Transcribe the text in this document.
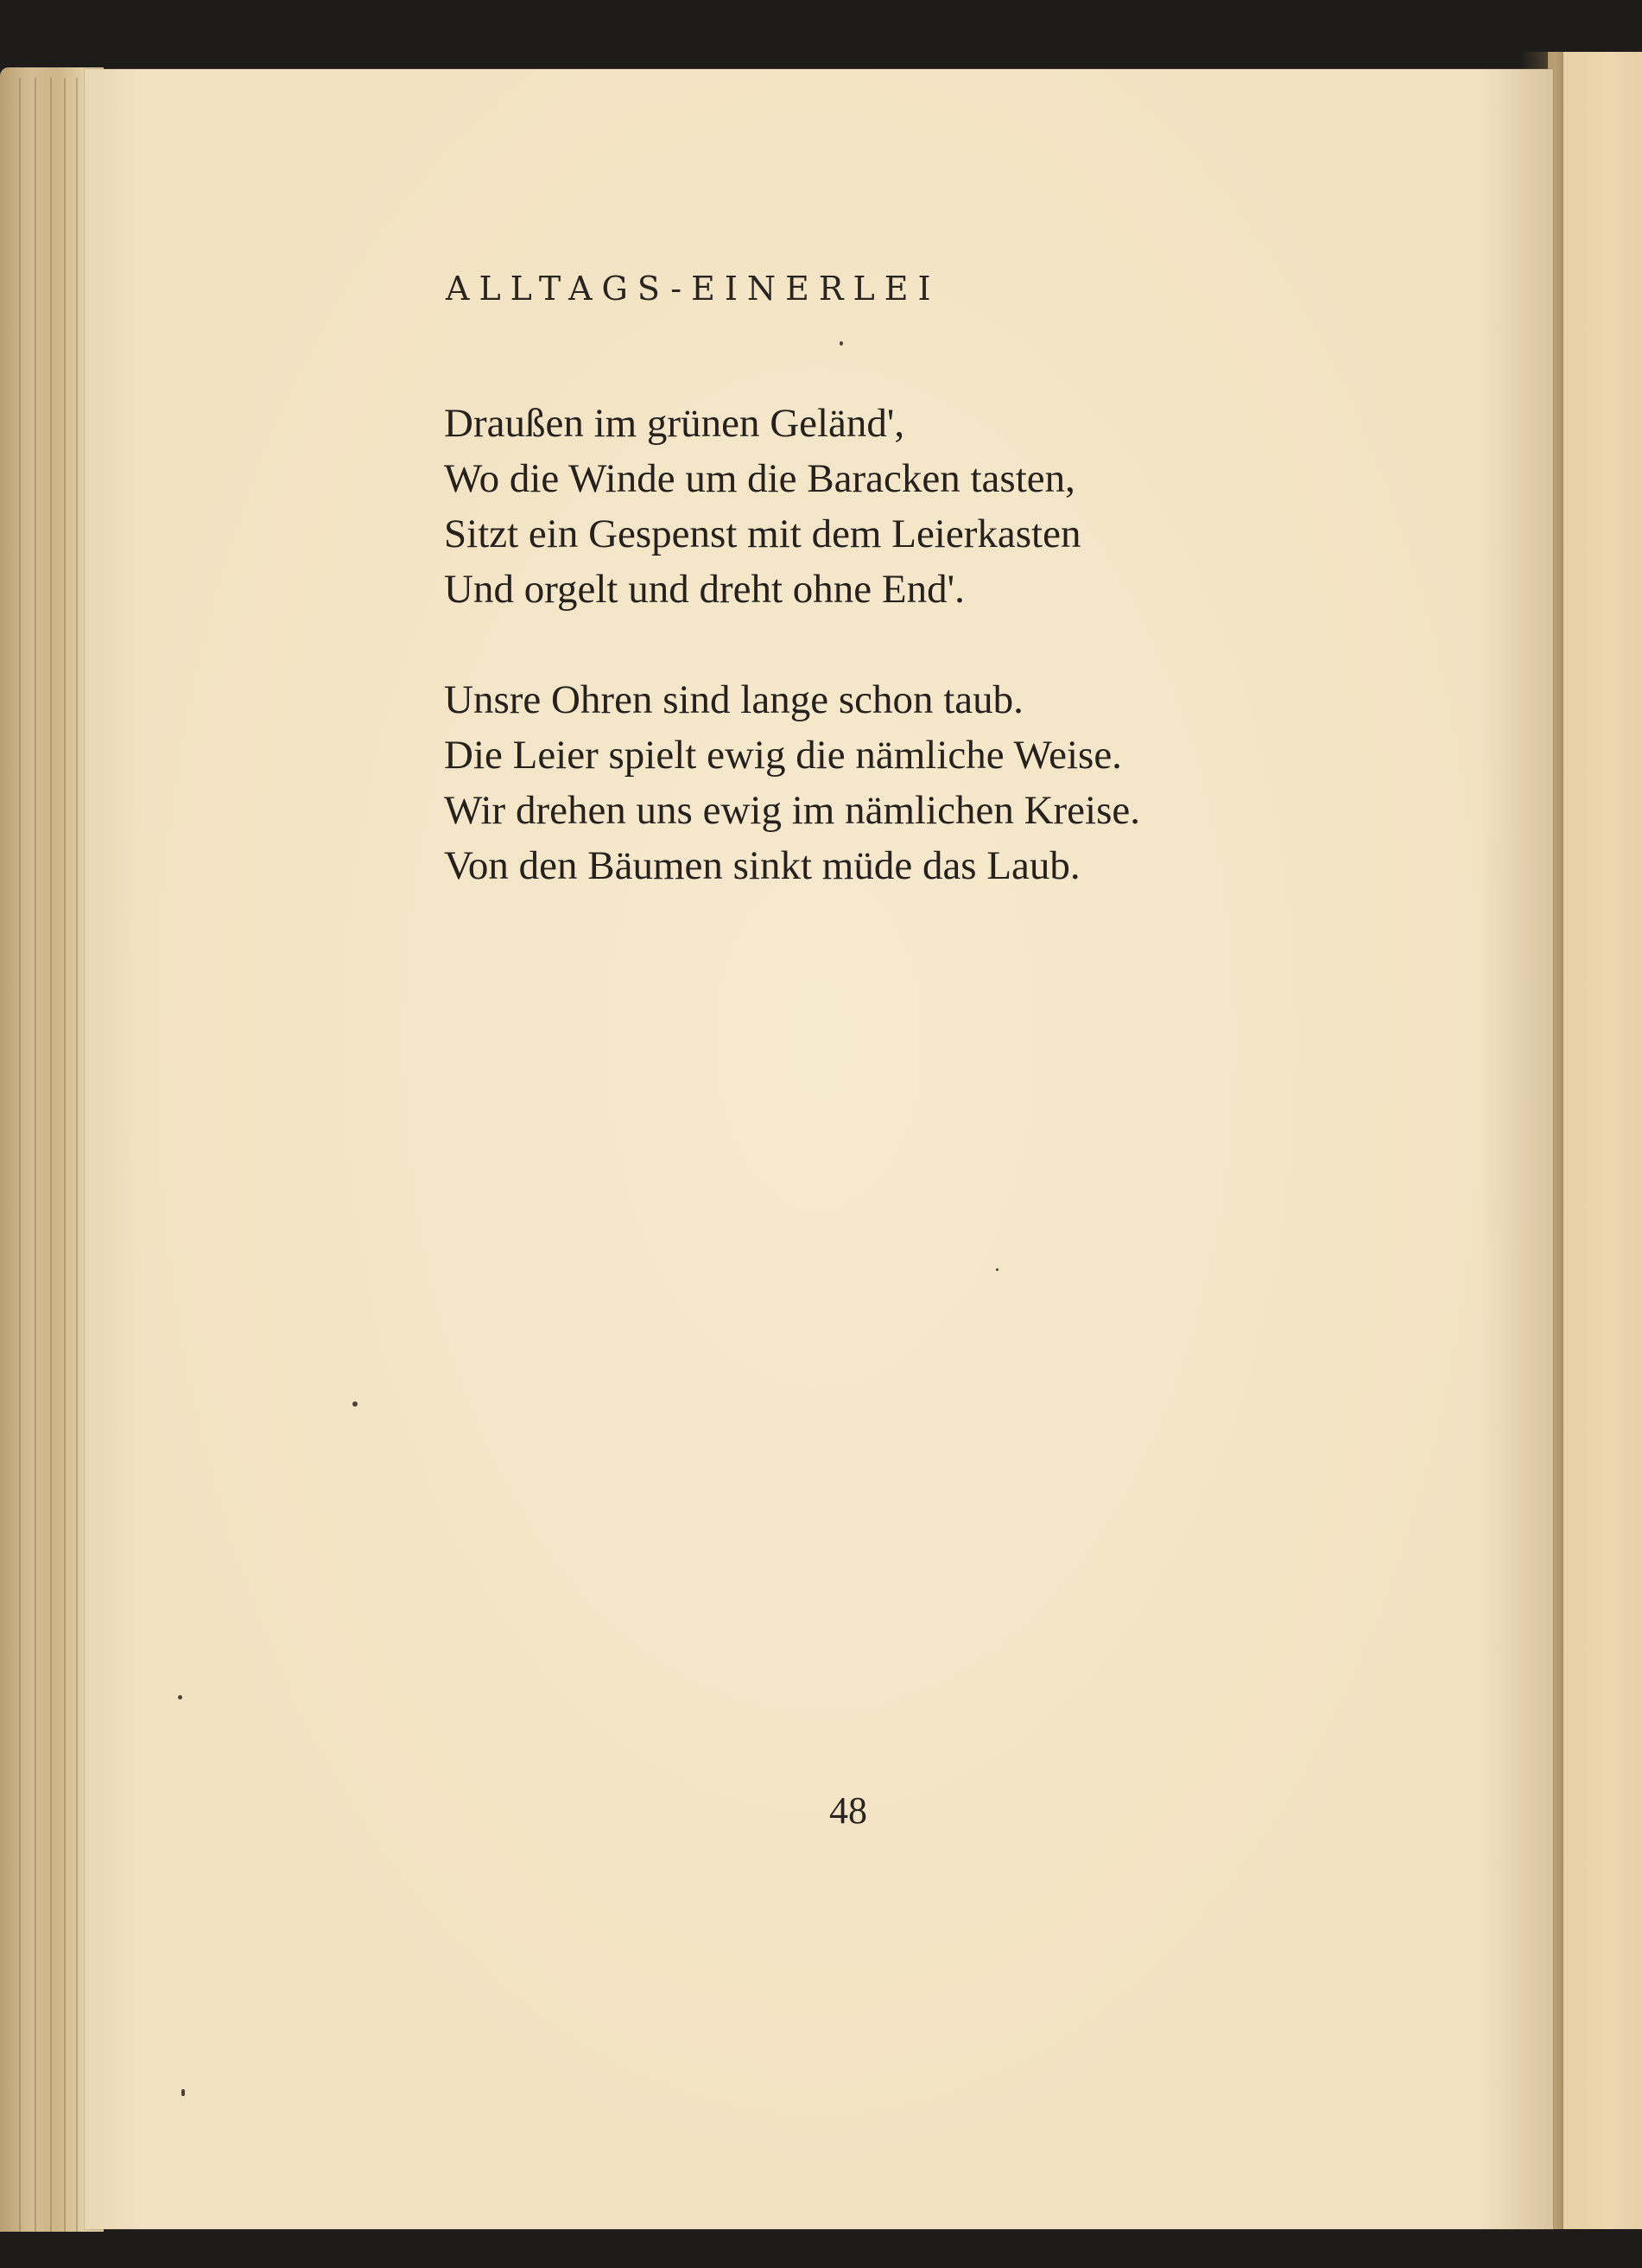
ALLTAGS-EINERLEI
Draußen im grünen Geländ',
Wo die Winde um die Baracken tasten,
Sitzt ein Gespenst mit dem Leierkasten
Und orgelt und dreht ohne End'.
Unsre Ohren sind lange schon taub.
Die Leier spielt ewig die nämliche Weise.
Wir drehen uns ewig im nämlichen Kreise.
Von den Bäumen sinkt müde das Laub.
48
